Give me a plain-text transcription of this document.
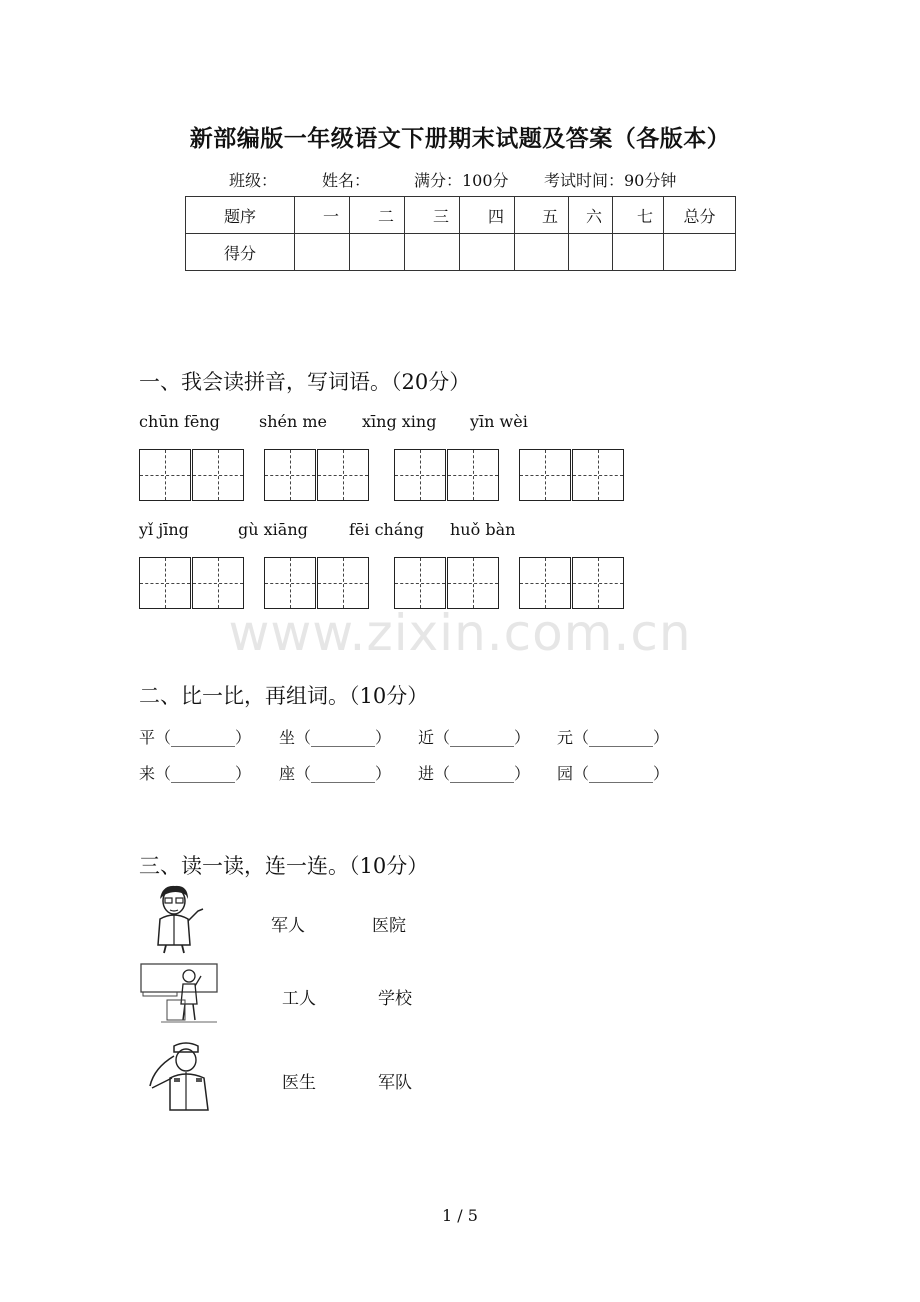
新部编版一年级语文下册期末试题及答案（各版本）
班级：	姓名：	满分：100分 考试时间：90分钟
题序	一	二	三	四	五	六	七	总分
得分								
一、我会读拼音，写词语。（20分）
chūn fēng shén me xīng xing yīn wèi
yǐ jīng	gù xiāng	fēi cháng huǒ bàn
www.zixin.com.cn
二、比一比，再组词。（10分）
平（________） 坐（________） 近（________） 元（________）
来（________） 座（________） 进（________） 园（________）
三、读一读，连一连。（10分）
军人	医院
工人	学校
医生	军队
1 / 5
